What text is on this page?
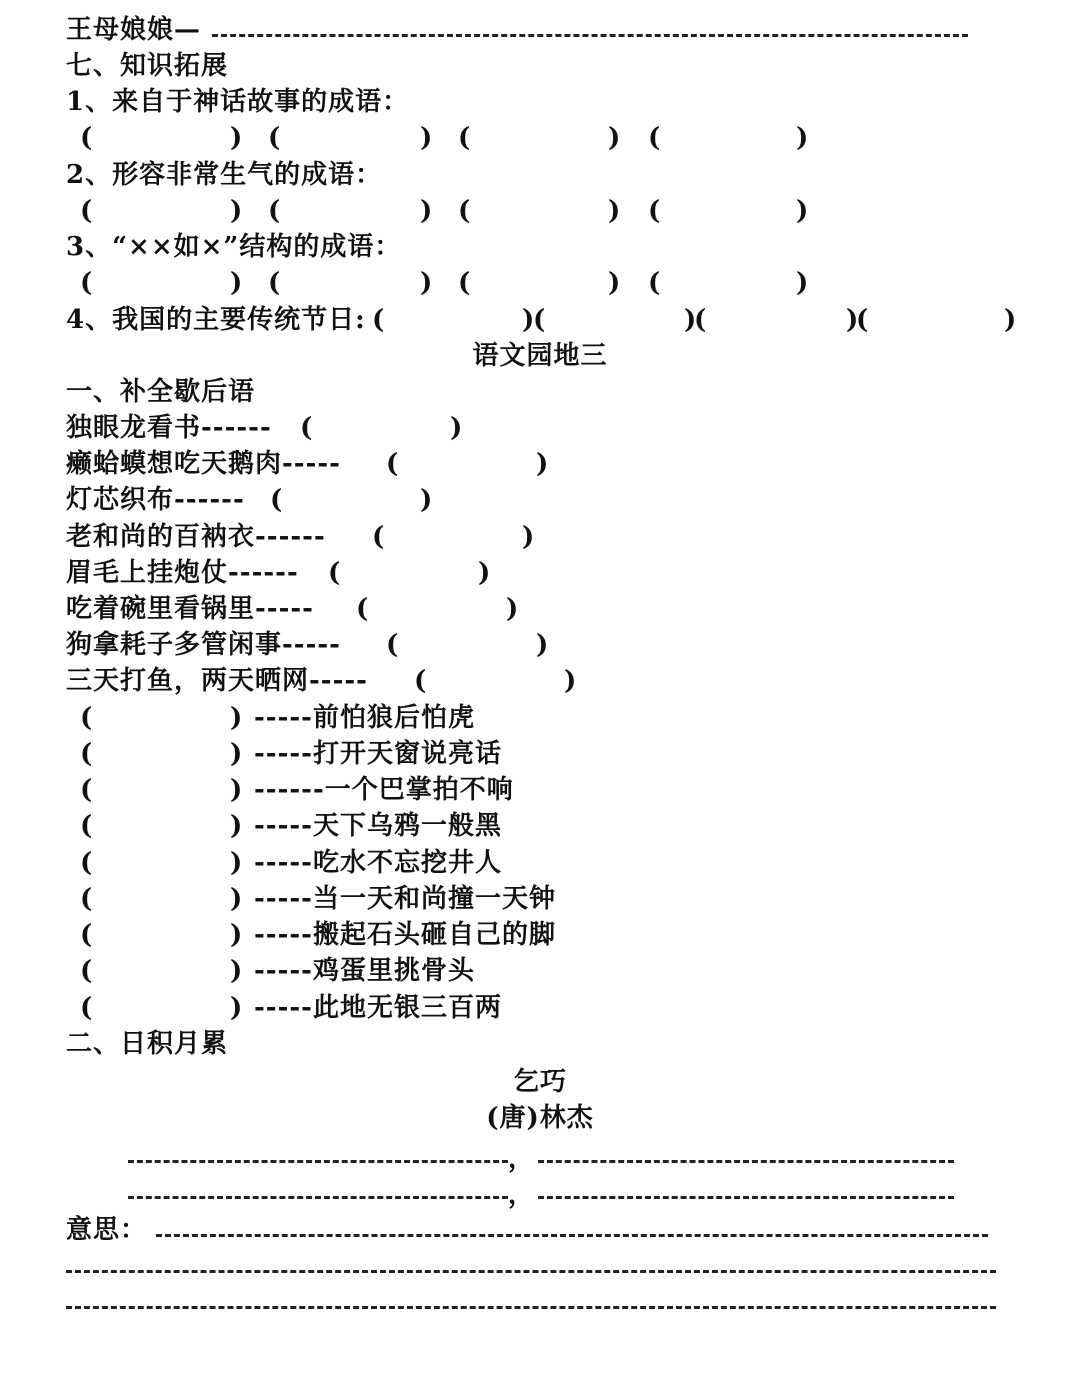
王母娘娘—
七、知识拓展
1、来自于神话故事的成语：
(	) (	) (	) (	)
2、形容非常生气的成语：
(	) (	) (	) (	)
3、“××如×”结构的成语：
(	) (	) (	) (	)
4、我国的主要传统节日: (	)
(	)
(	)
(	)
语文园地三
一、补全歇后语
独眼龙看书------ (	)
癞蛤蟆想吃天鹅肉----- (	)
灯芯织布------ (	)
老和尚的百衲衣------ (	)
眉毛上挂炮仗------ (	)
吃着碗里看锅里----- (	)
狗拿耗子多管闲事----- (	)
三天打鱼，两天晒网----- (	)
(	) -----前怕狼后怕虎
(	) -----打开天窗说亮话
(	) ------一个巴掌拍不响
(	) -----天下乌鸦一般黑
(	) -----吃水不忘挖井人
(	) -----当一天和尚撞一天钟
(	) -----搬起石头砸自己的脚
(	) -----鸡蛋里挑骨头
(	) -----此地无银三百两
二、日积月累
乞巧
(唐)林杰
，
，
意思：
